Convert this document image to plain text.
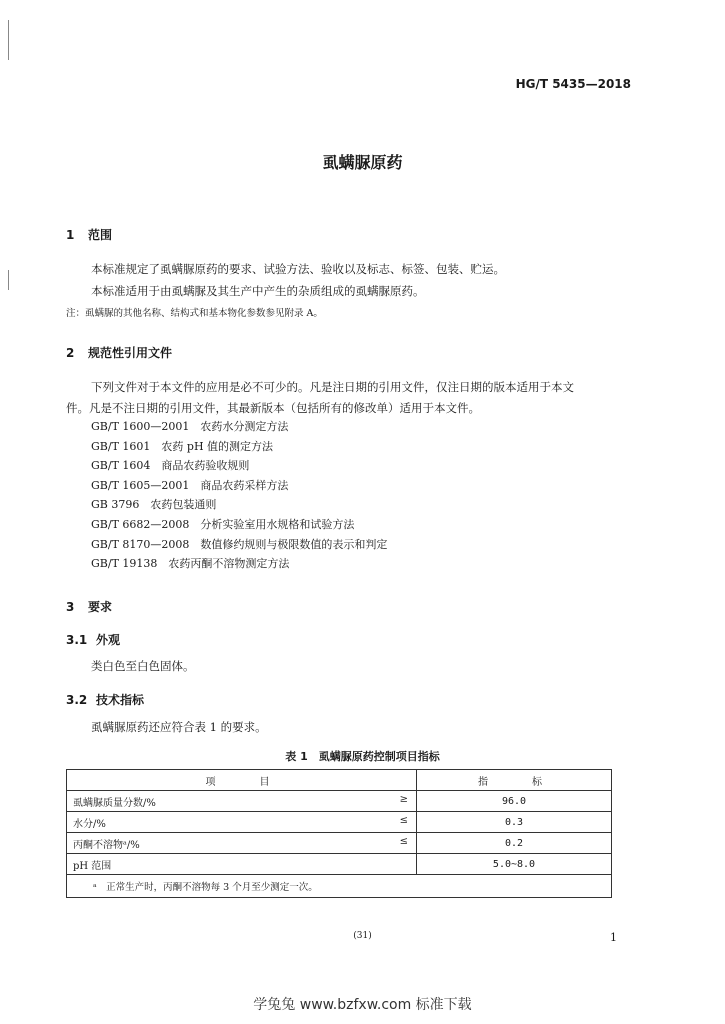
HG/T 5435—2018
虱螨脲原药
1 范围
本标准规定了虱螨脲原药的要求、试验方法、验收以及标志、标签、包装、贮运。
本标准适用于由虱螨脲及其生产中产生的杂质组成的虱螨脲原药。
注：虱螨脲的其他名称、结构式和基本物化参数参见附录 A。
2 规范性引用文件
下列文件对于本文件的应用是必不可少的。凡是注日期的引用文件，仅注日期的版本适用于本文
件。凡是不注日期的引用文件，其最新版本（包括所有的修改单）适用于本文件。
GB/T 1600—2001　 农药水分测定方法
GB/T 1601　 农药 pH 值的测定方法
GB/T 1604　 商品农药验收规则
GB/T 1605—2001　 商品农药采样方法
GB 3796　 农药包装通则
GB/T 6682—2008　 分析实验室用水规格和试验方法
GB/T 8170—2008　 数值修约规则与极限数值的表示和判定
GB/T 19138　 农药丙酮不溶物测定方法
3 要求
3.1 外观
类白色至白色固体。
3.2 技术指标
虱螨脲原药还应符合表 1 的要求。
表 1　虱螨脲原药控制项目指标
项　　目	指　　标
虱螨脲质量分数/% ≥	96.0
水分/% ≤	0.3
丙酮不溶物ᵃ/% ≤	0.2
pH 范围	5.0~8.0
ᵃ　正常生产时，丙酮不溶物每 3 个月至少测定一次。	
(31)	1
学兔兔 www.bzfxw.com 标准下载
